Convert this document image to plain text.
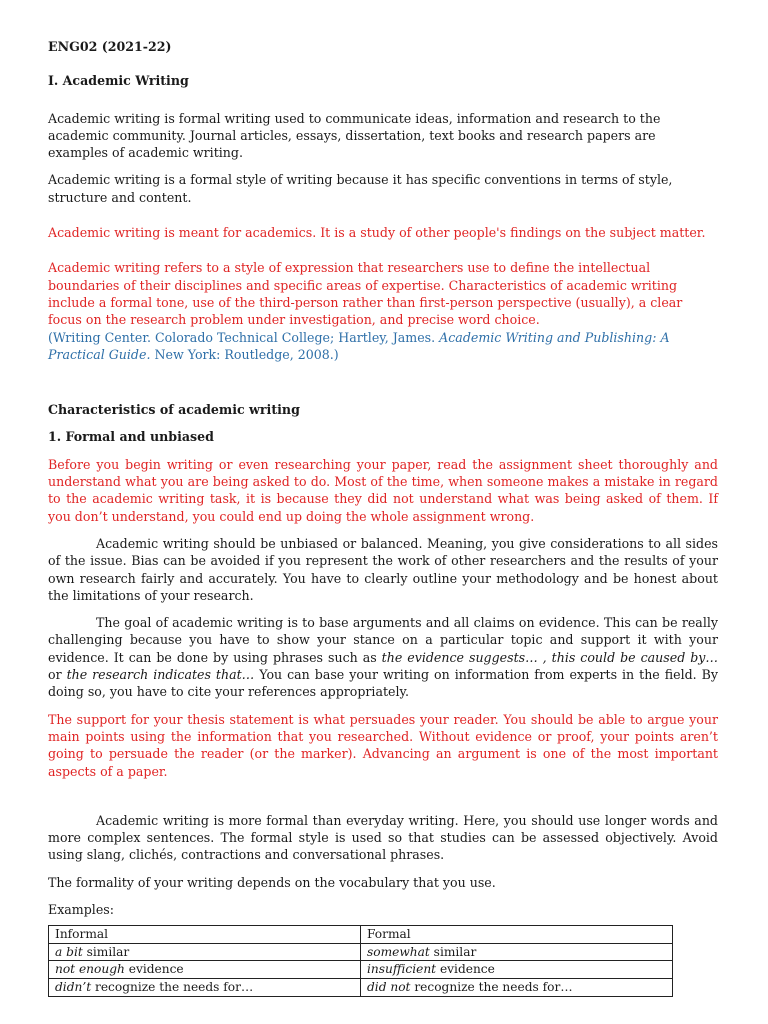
ENG02 (2021-22)

I. Academic Writing

Academic writing is formal writing used to communicate ideas, information and research to the academic community. Journal articles, essays, dissertation, text books and research papers are examples of academic writing.

Academic writing is a formal style of writing because it has specific conventions in terms of style, structure and content.

Academic writing is meant for academics. It is a study of other people's findings on the subject matter.

Academic writing refers to a style of expression that researchers use to define the intellectual boundaries of their disciplines and specific areas of expertise. Characteristics of academic writing include a formal tone, use of the third-person rather than first-person perspective (usually), a clear focus on the research problem under investigation, and precise word choice.

(Writing Center. Colorado Technical College; Hartley, James. Academic Writing and Publishing: A Practical Guide. New York: Routledge, 2008.)

Characteristics of academic writing

1. Formal and unbiased

Before you begin writing or even researching your paper, read the assignment sheet thoroughly and understand what you are being asked to do. Most of the time, when someone makes a mistake in regard to the academic writing task, it is because they did not understand what was being asked of them. If you don’t understand, you could end up doing the whole assignment wrong.

Academic writing should be unbiased or balanced. Meaning, you give considerations to all sides of the issue. Bias can be avoided if you represent the work of other researchers and the results of your own research fairly and accurately. You have to clearly outline your methodology and be honest about the limitations of your research.

The goal of academic writing is to base arguments and all claims on evidence. This can be really challenging because you have to show your stance on a particular topic and support it with your evidence. It can be done by using phrases such as the evidence suggests… , this could be caused by… or the research indicates that… You can base your writing on information from experts in the field. By doing so, you have to cite your references appropriately.

The support for your thesis statement is what persuades your reader. You should be able to argue your main points using the information that you researched. Without evidence or proof, your points aren’t going to persuade the reader (or the marker). Advancing an argument is one of the most important aspects of a paper.

Academic writing is more formal than everyday writing. Here, you should use longer words and more complex sentences. The formal style is used so that studies can be assessed objectively. Avoid using slang, clichés, contractions and conversational phrases.

The formality of your writing depends on the vocabulary that you use.

Examples:

Informal	Formal
a bit similar	somewhat similar
not enough evidence	insufficient evidence
didn’t recognize the needs for…	did not recognize the needs for…
